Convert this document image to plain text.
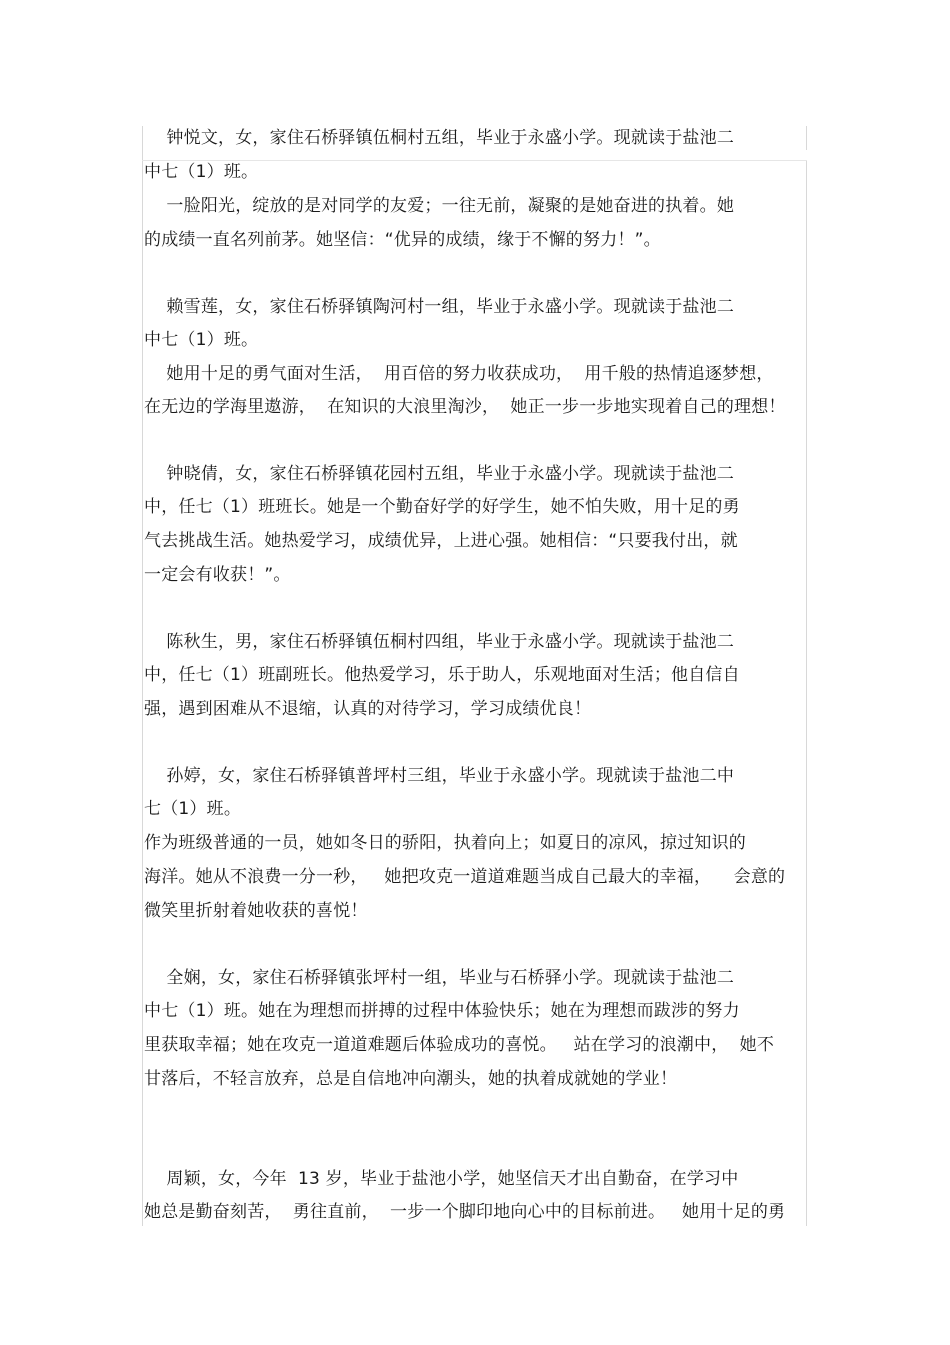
钟悦文，女，家住石桥驿镇伍桐村五组，毕业于永盛小学。现就读于盐池二
中七（1）班。
一脸阳光，绽放的是对同学的友爱；一往无前，凝聚的是她奋进的执着。她
的成绩一直名列前茅。她坚信：“优异的成绩，缘于不懈的努力！”。
赖雪莲，女，家住石桥驿镇陶河村一组，毕业于永盛小学。现就读于盐池二
中七（1）班。
她用十足的勇气面对生活，  用百倍的努力收获成功，  用千般的热情追逐梦想，
在无边的学海里遨游，  在知识的大浪里淘沙，  她正一步一步地实现着自己的理想！
钟晓倩，女，家住石桥驿镇花园村五组，毕业于永盛小学。现就读于盐池二
中，任七（1）班班长。她是一个勤奋好学的好学生，她不怕失败，用十足的勇
气去挑战生活。她热爱学习，成绩优异，上进心强。她相信：“只要我付出，就
一定会有收获！”。
陈秋生，男，家住石桥驿镇伍桐村四组，毕业于永盛小学。现就读于盐池二
中，任七（1）班副班长。他热爱学习，乐于助人，乐观地面对生活；他自信自
强，遇到困难从不退缩，认真的对待学习，学习成绩优良！
孙婷，女，家住石桥驿镇普坪村三组，毕业于永盛小学。现就读于盐池二中
七（1）班。
作为班级普通的一员，她如冬日的骄阳，执着向上；如夏日的凉风，掠过知识的
海洋。她从不浪费一分一秒，   她把攻克一道道难题当成自己最大的幸福，    会意的
微笑里折射着她收获的喜悦！
全娴，女，家住石桥驿镇张坪村一组，毕业与石桥驿小学。现就读于盐池二
中七（1）班。她在为理想而拼搏的过程中体验快乐；她在为理想而跋涉的努力
里获取幸福；她在攻克一道道难题后体验成功的喜悦。   站在学习的浪潮中，  她不
甘落后，不轻言放弃，总是自信地冲向潮头，她的执着成就她的学业！
周颖，女，今年  13 岁，毕业于盐池小学，她坚信天才出自勤奋，在学习中
她总是勤奋刻苦，  勇往直前，  一步一个脚印地向心中的目标前进。   她用十足的勇
